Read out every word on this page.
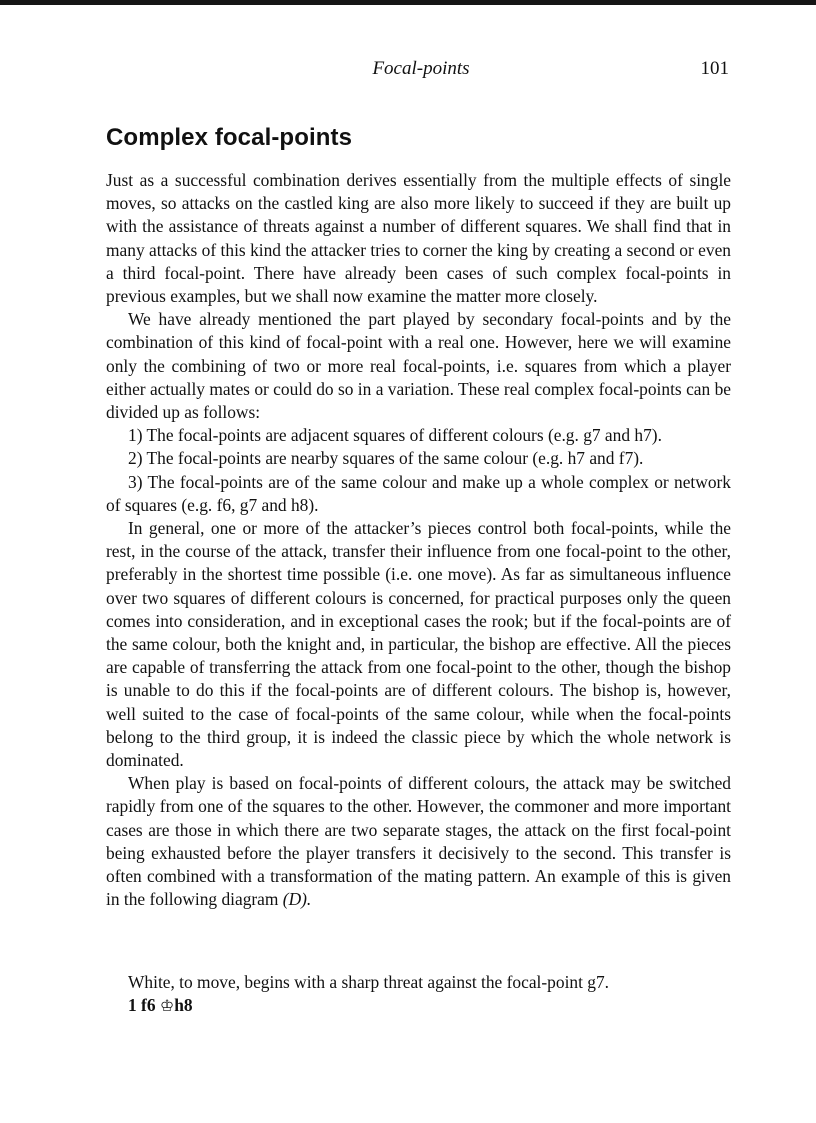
Focal-points	101
Complex focal-points

Just as a successful combination derives essentially from the multiple effects of single moves, so attacks on the castled king are also more likely to succeed if they are built up with the assistance of threats against a number of different squares. We shall find that in many attacks of this kind the attacker tries to corner the king by creating a second or even a third focal-point. There have already been cases of such complex focal-points in previous examples, but we shall now examine the matter more closely.

We have already mentioned the part played by secondary focal-points and by the combination of this kind of focal-point with a real one. However, here we will examine only the combining of two or more real focal-points, i.e. squares from which a player either actually mates or could do so in a variation. These real complex focal-points can be divided up as follows:

1) The focal-points are adjacent squares of different colours (e.g. g7 and h7).

2) The focal-points are nearby squares of the same colour (e.g. h7 and f7).

3) The focal-points are of the same colour and make up a whole complex or network of squares (e.g. f6, g7 and h8).

In general, one or more of the attacker’s pieces control both focal-points, while the rest, in the course of the attack, transfer their influence from one focal-point to the other, preferably in the shortest time possible (i.e. one move). As far as simultaneous influence over two squares of different colours is concerned, for practical purposes only the queen comes into consideration, and in exceptional cases the rook; but if the focal-points are of the same colour, both the knight and, in particular, the bishop are effective. All the pieces are capable of transferring the attack from one focal-point to the other, though the bishop is unable to do this if the focal-points are of different colours. The bishop is, however, well suited to the case of focal-points of the same colour, while when the focal-points belong to the third group, it is indeed the classic piece by which the whole network is dominated.

When play is based on focal-points of different colours, the attack may be switched rapidly from one of the squares to the other. However, the commoner and more important cases are those in which there are two separate stages, the attack on the first focal-point being exhausted before the player transfers it decisively to the second. This transfer is often combined with a transformation of the mating pattern. An example of this is given in the following diagram (D).

White, to move, begins with a sharp threat against the focal-point g7.
1 f6 ♔h8
